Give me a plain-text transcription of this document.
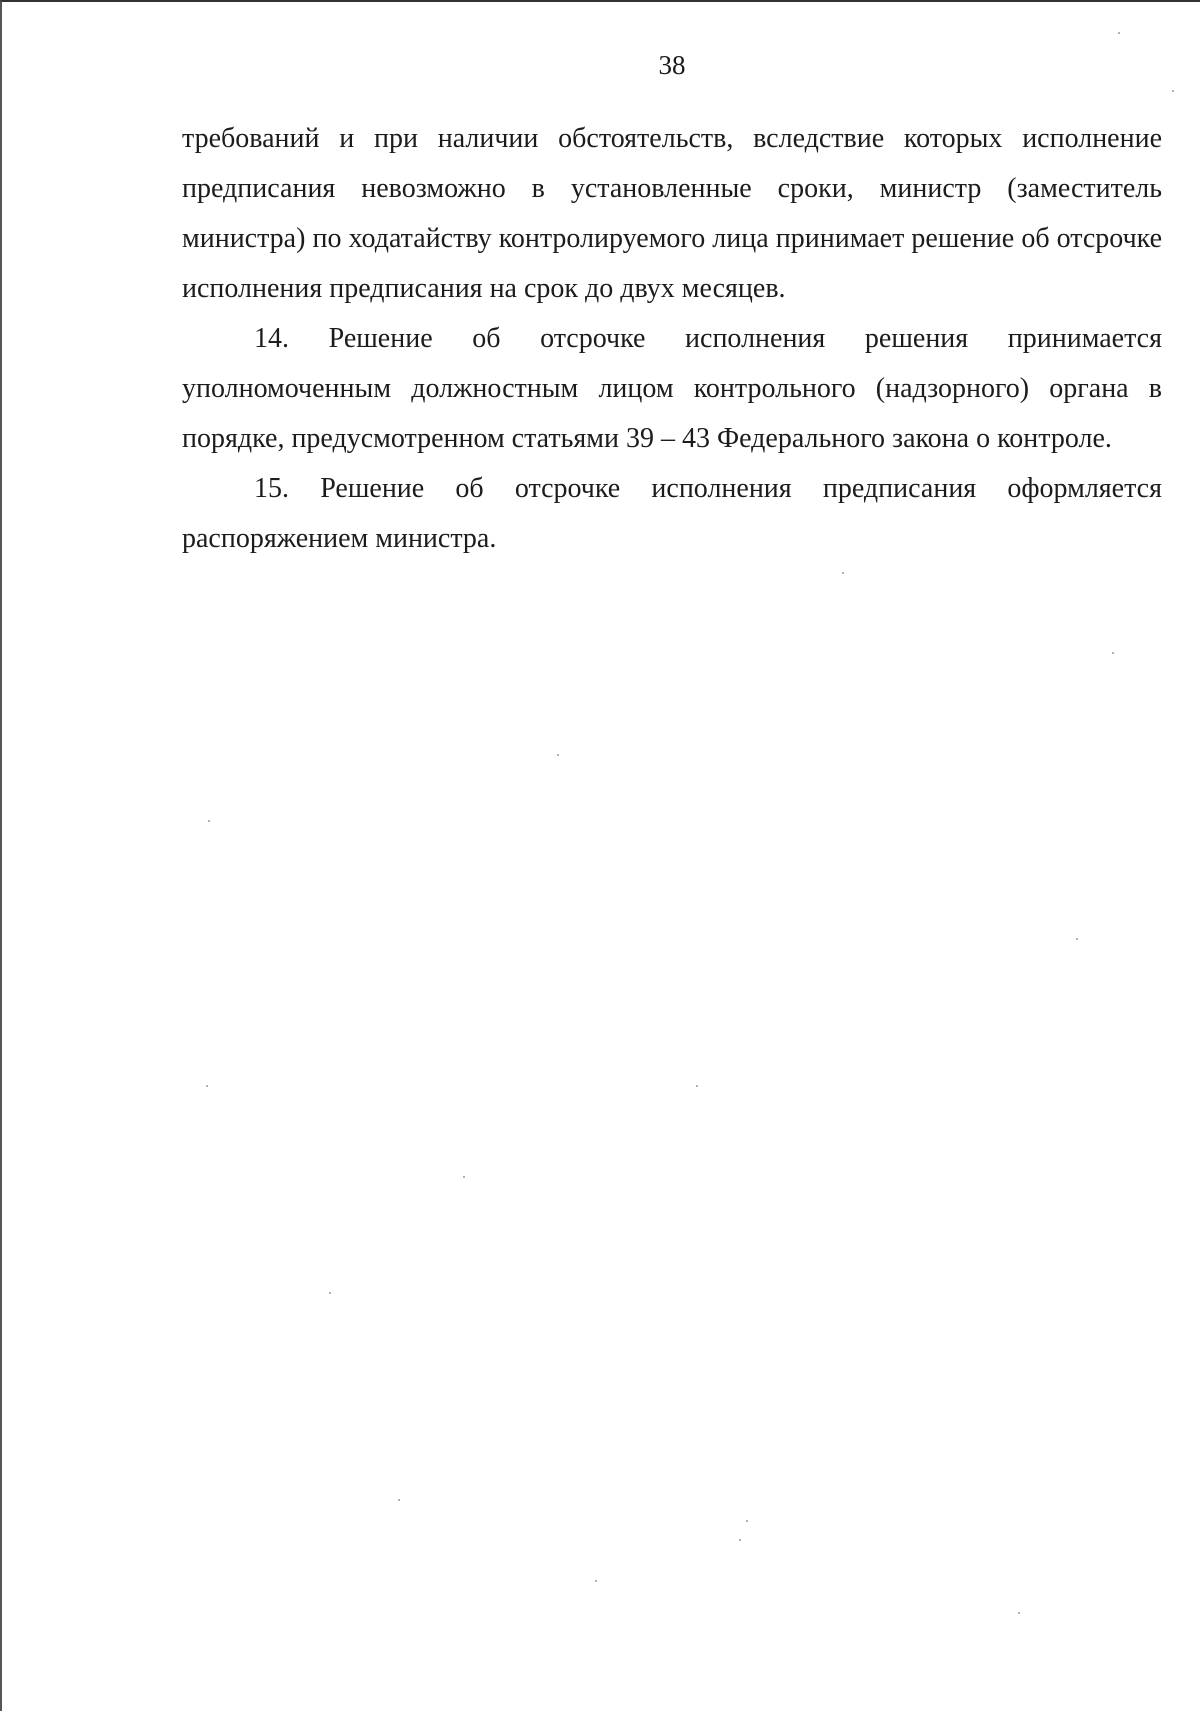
38

требований и при наличии обстоятельств, вследствие которых исполнение предписания невозможно в установленные сроки, министр (заместитель министра) по ходатайству контролируемого лица принимает решение об отсрочке исполнения предписания на срок до двух месяцев.

14. Решение об отсрочке исполнения решения принимается уполномоченным должностным лицом контрольного (надзорного) органа в порядке, предусмотренном статьями 39 – 43 Федерального закона о контроле.

15. Решение об отсрочке исполнения предписания оформляется распоряжением министра.
